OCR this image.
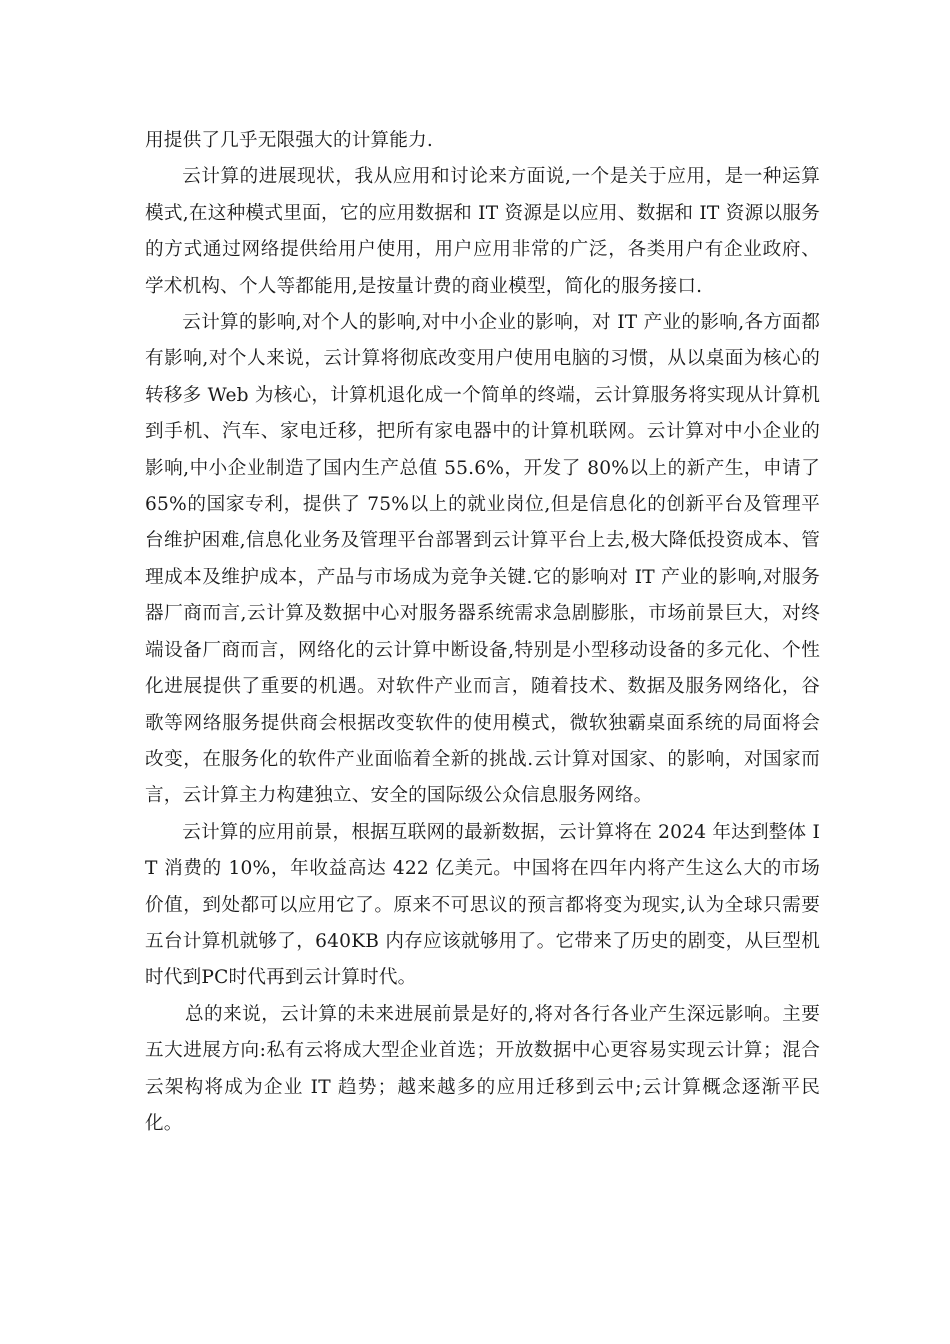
用提供了几乎无限强大的计算能力.

云计算的进展现状，我从应用和讨论来方面说,一个是关于应用，是一种运算模式,在这种模式里面，它的应用数据和 IT 资源是以应用、数据和 IT 资源以服务的方式通过网络提供给用户使用，用户应用非常的广泛，各类用户有企业政府、学术机构、个人等都能用,是按量计费的商业模型，简化的服务接口.

云计算的影响,对个人的影响,对中小企业的影响，对 IT 产业的影响,各方面都有影响,对个人来说，云计算将彻底改变用户使用电脑的习惯，从以桌面为核心的转移多 Web 为核心，计算机退化成一个简单的终端，云计算服务将实现从计算机到手机、汽车、家电迁移，把所有家电器中的计算机联网。云计算对中小企业的影响,中小企业制造了国内生产总值 55.6%，开发了 80%以上的新产生，申请了 65%的国家专利，提供了 75%以上的就业岗位,但是信息化的创新平台及管理平台维护困难,信息化业务及管理平台部署到云计算平台上去,极大降低投资成本、管理成本及维护成本，产品与市场成为竞争关键.它的影响对 IT 产业的影响,对服务器厂商而言,云计算及数据中心对服务器系统需求急剧膨胀，市场前景巨大，对终端设备厂商而言，网络化的云计算中断设备,特别是小型移动设备的多元化、个性化进展提供了重要的机遇。对软件产业而言，随着技术、数据及服务网络化，谷歌等网络服务提供商会根据改变软件的使用模式，微软独霸桌面系统的局面将会改变，在服务化的软件产业面临着全新的挑战.云计算对国家、的影响，对国家而言，云计算主力构建独立、安全的国际级公众信息服务网络。

云计算的应用前景，根据互联网的最新数据，云计算将在 2024 年达到整体 IT 消费的 10%，年收益高达 422 亿美元。中国将在四年内将产生这么大的市场价值，到处都可以应用它了。原来不可思议的预言都将变为现实,认为全球只需要五台计算机就够了，640KB 内存应该就够用了。它带来了历史的剧变，从巨型机时代到PC时代再到云计算时代。

总的来说，云计算的未来进展前景是好的,将对各行各业产生深远影响。主要五大进展方向:私有云将成大型企业首选；开放数据中心更容易实现云计算；混合云架构将成为企业 IT 趋势；越来越多的应用迁移到云中;云计算概念逐渐平民化。
